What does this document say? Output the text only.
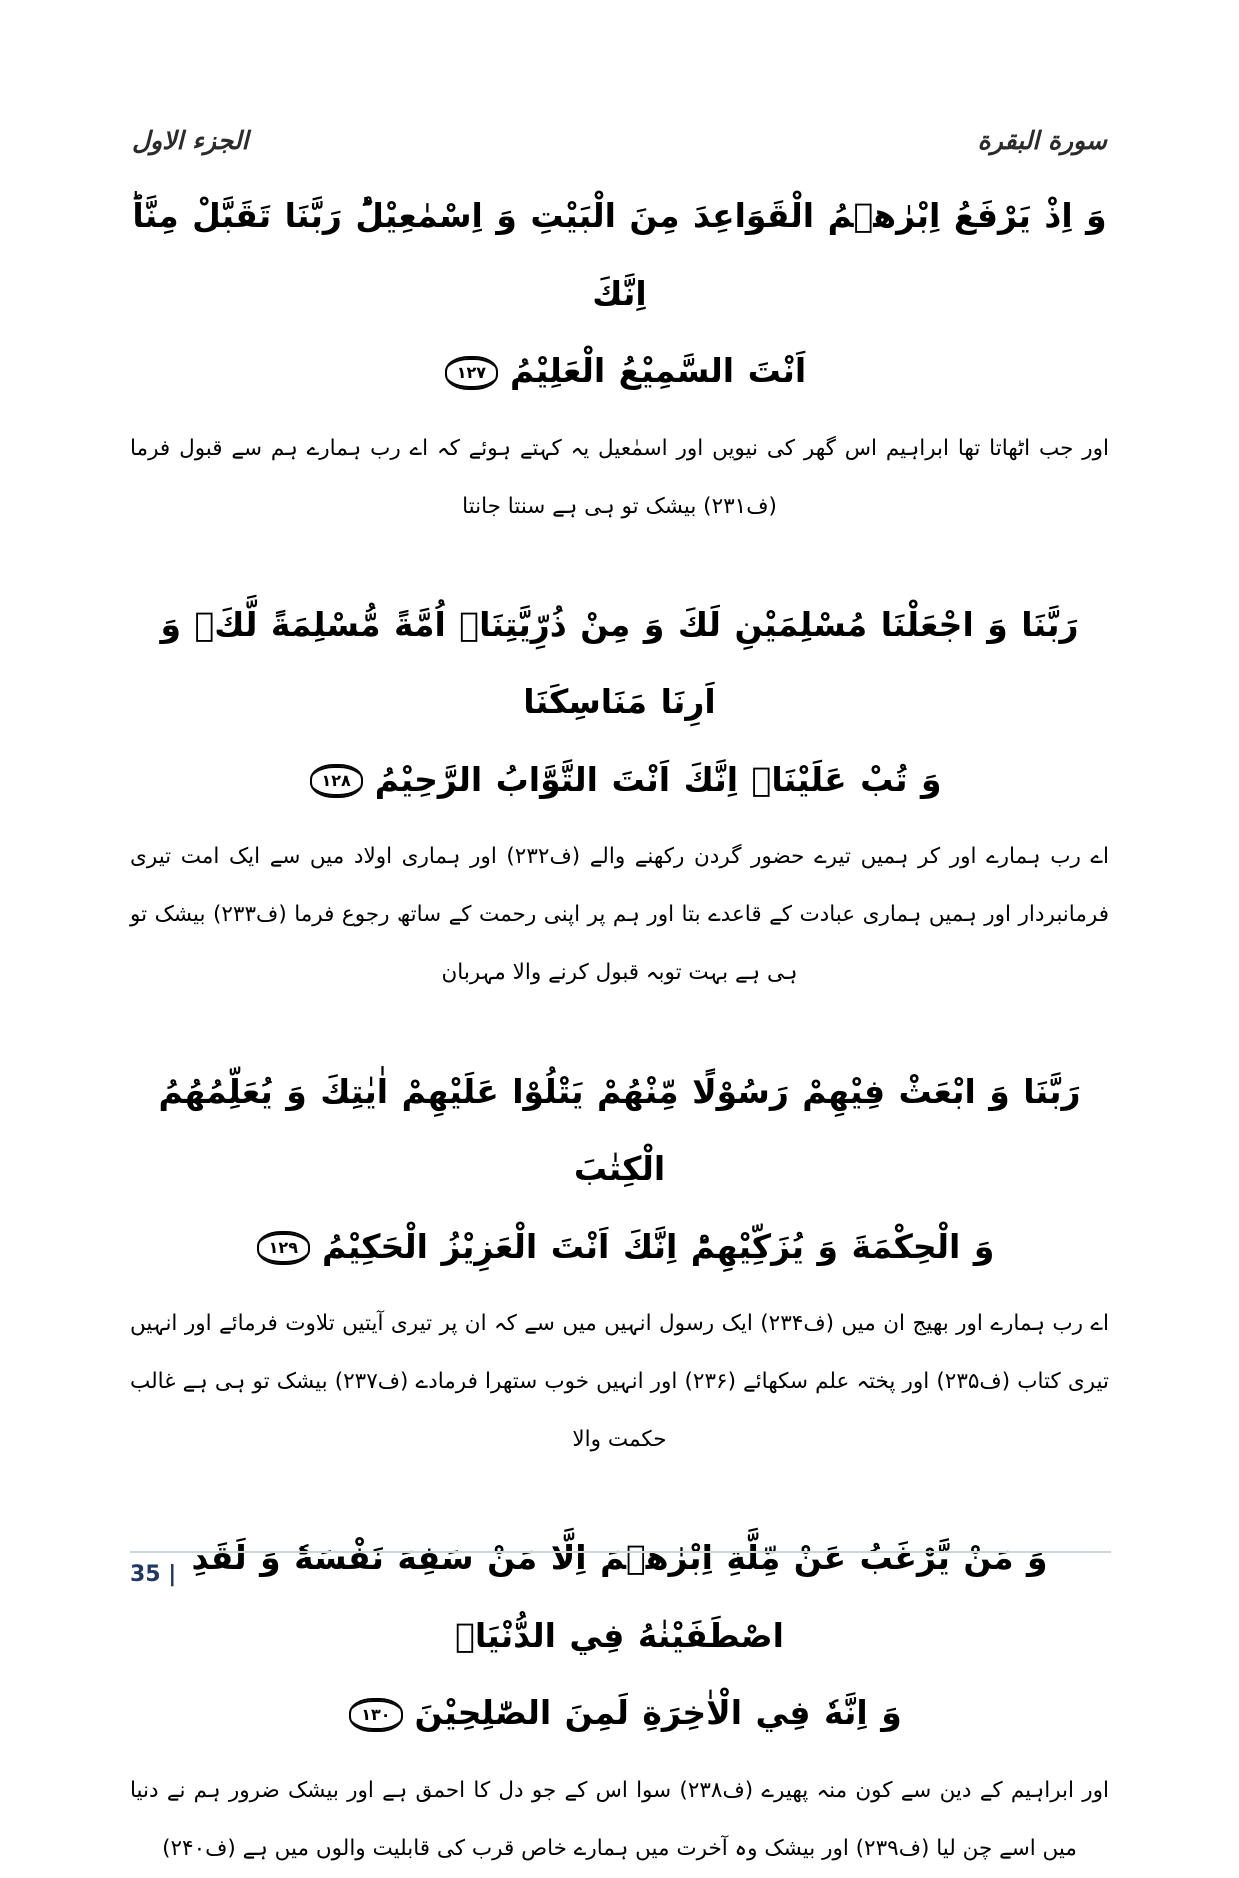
الجزء الاول	سورة البقرة
وَ اِذْ يَرْفَعُ اِبْرٰهٖمُ الْقَوَاعِدَ مِنَ الْبَيْتِ وَ اِسْمٰعِيْلُؕ رَبَّنَا تَقَبَّلْ مِنَّاؕ اِنَّكَ
اَنْتَ السَّمِيْعُ الْعَلِيْمُ١٢٧

اور جب اٹھاتا تھا ابراہیم اس گھر کی نیویں اور اسمٰعیل یہ کہتے ہوئے کہ اے رب ہمارے ہم سے قبول فرما (ف۲۳۱) بیشک تو ہی ہے سنتا جانتا

رَبَّنَا وَ اجْعَلْنَا مُسْلِمَيْنِ لَكَ وَ مِنْ ذُرِّيَّتِنَاۤ اُمَّةً مُّسْلِمَةً لَّكَۖ وَ اَرِنَا مَنَاسِكَنَا
وَ تُبْ عَلَيْنَاۚ اِنَّكَ اَنْتَ التَّوَّابُ الرَّحِيْمُ١٢٨

اے رب ہمارے اور کر ہمیں تیرے حضور گردن رکھنے والے (ف۲۳۲) اور ہماری اولاد میں سے ایک امت تیری فرمانبردار اور ہمیں ہماری عبادت کے قاعدے بتا اور ہم پر اپنی رحمت کے ساتھ رجوع فرما (ف۲۳۳) بیشک تو ہی ہے بہت توبہ قبول کرنے والا مہربان

رَبَّنَا وَ ابْعَثْ فِيْهِمْ رَسُوْلًا مِّنْهُمْ يَتْلُوْا عَلَيْهِمْ اٰيٰتِكَ وَ يُعَلِّمُهُمُ الْكِتٰبَ
وَ الْحِكْمَةَ وَ يُزَكِّيْهِمْؕ اِنَّكَ اَنْتَ الْعَزِيْزُ الْحَكِيْمُ١٢٩

اے رب ہمارے اور بھیج ان میں (ف۲۳۴) ایک رسول انہیں میں سے کہ ان پر تیری آیتیں تلاوت فرمائے اور انہیں تیری کتاب (ف۲۳۵) اور پختہ علم سکھائے (۲۳۶) اور انہیں خوب ستھرا فرمادے (ف۲۳۷) بیشک تو ہی ہے غالب حکمت والا

وَ مَنْ يَّرْغَبُ عَنْ مِّلَّةِ اِبْرٰهٖمَ اِلَّا مَنْ سَفِهَ نَفْسَهٗؕ وَ لَقَدِ اصْطَفَيْنٰهُ فِي الدُّنْيَاۚ
وَ اِنَّهٗ فِي الْاٰخِرَةِ لَمِنَ الصّٰلِحِيْنَ١٣٠

اور ابراہیم کے دین سے کون منہ پھیرے (ف۲۳۸) سوا اس کے جو دل کا احمق ہے اور بیشک ضرور ہم نے دنیا میں اسے چن لیا (ف۲۳۹) اور بیشک وہ آخرت میں ہمارے خاص قرب کی قابلیت والوں میں ہے (ف۲۴۰)

35 |
